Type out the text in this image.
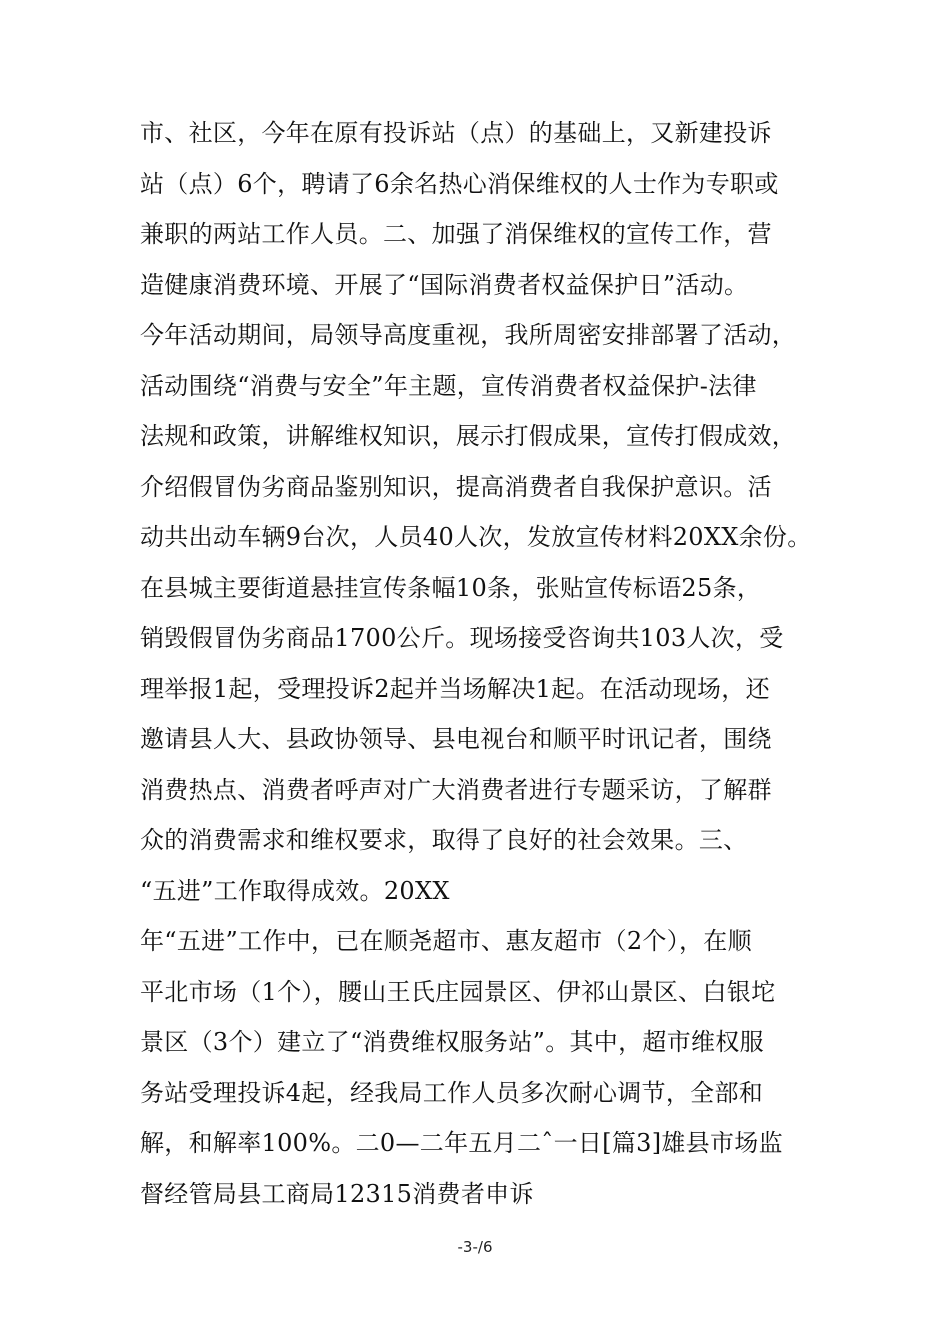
市、社区，今年在原有投诉站（点）的基础上，又新建投诉
站（点）6个，聘请了6余名热心消保维权的人士作为专职或
兼职的两站工作人员。二、加强了消保维权的宣传工作，营
造健康消费环境、开展了“国际消费者权益保护日”活动。
今年活动期间，局领导高度重视，我所周密安排部署了活动，
活动围绕“消费与安全”年主题，宣传消费者权益保护-法律
法规和政策，讲解维权知识，展示打假成果，宣传打假成效，
介绍假冒伪劣商品鉴别知识，提高消费者自我保护意识。活
动共出动车辆9台次，人员40人次，发放宣传材料20XX余份。
在县城主要街道悬挂宣传条幅10条，张贴宣传标语25条，
销毁假冒伪劣商品1700公斤。现场接受咨询共103人次，受
理举报1起，受理投诉2起并当场解决1起。在活动现场，还
邀请县人大、县政协领导、县电视台和顺平时讯记者，围绕
消费热点、消费者呼声对广大消费者进行专题采访，了解群
众的消费需求和维权要求，取得了良好的社会效果。三、
“五进”工作取得成效。20XX
年“五进”工作中，已在顺尧超市、惠友超市（2个），在顺
平北市场（1个），腰山王氏庄园景区、伊祁山景区、白银坨
景区（3个）建立了“消费维权服务站”。其中，超市维权服
务站受理投诉4起，经我局工作人员多次耐心调节，全部和
解，和解率100%。二0—二年五月二ˆ一日[篇3]雄县市场监
督经管局县工商局12315消费者申诉
-3-/6
